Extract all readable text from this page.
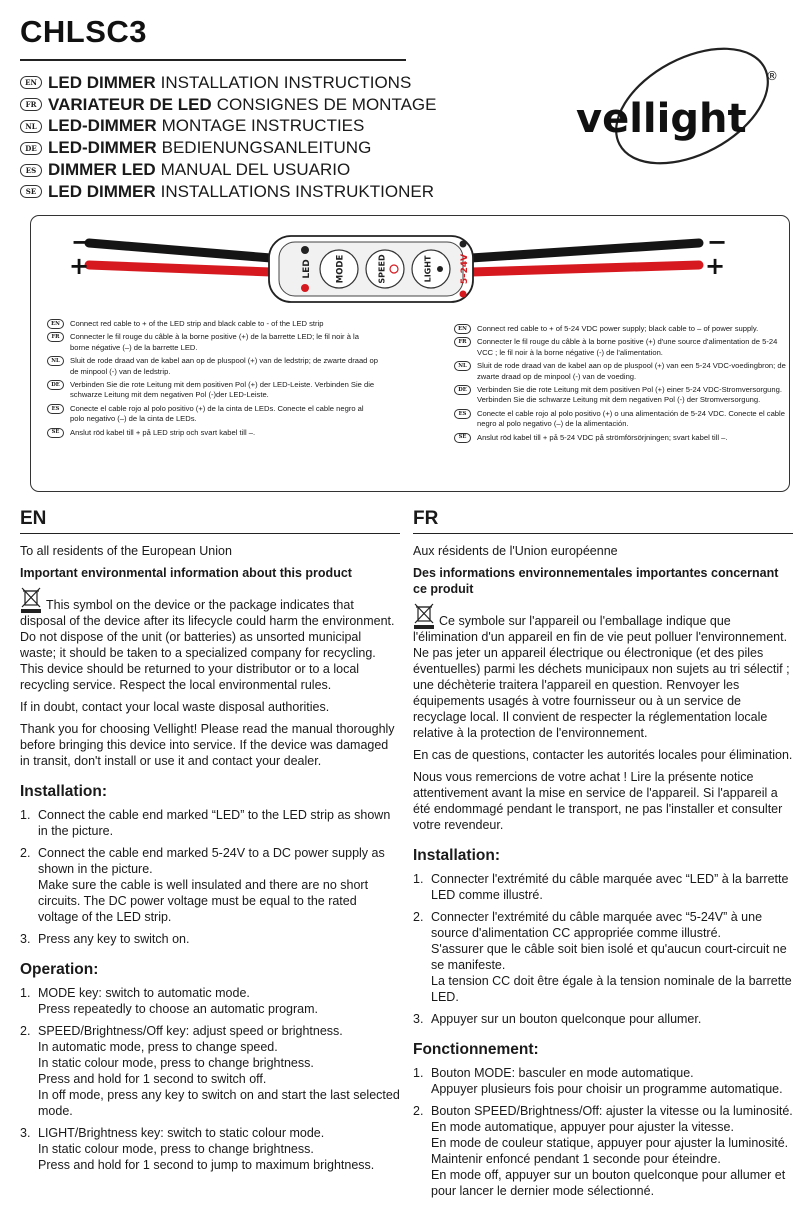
CHLSC3
EN LED DIMMER INSTALLATION INSTRUCTIONS
FR VARIATEUR DE LED CONSIGNES DE MONTAGE
NL LED-DIMMER MONTAGE INSTRUCTIES
DE LED-DIMMER BEDIENUNGSANLEITUNG
ES DIMMER LED MANUAL DEL USUARIO
SE LED DIMMER INSTALLATIONS INSTRUKTIONER
vellight
®
LED	MODE	SPEED	LIGHT	5–24V
−
+
−
+
EN	Connect red cable to + of the LED strip and black cable to - of the LED strip
FR	Connecter le fil rouge du câble à la borne positive (+) de la barrette LED; le fil noir à la borne négative (–) de la barrette LED.
NL	Sluit de rode draad van de kabel aan op de pluspool (+) van de ledstrip; de zwarte draad op de minpool (-) van de ledstrip.
DE	Verbinden Sie die rote Leitung mit dem positiven Pol (+) der LED-Leiste. Verbinden Sie die schwarze Leitung mit dem negativen Pol (-)der LED-Leiste.
ES	Conecte el cable rojo al polo positivo (+) de la cinta de LEDs. Conecte el cable negro al polo negativo (–) de la cinta de LEDs.
SE	Anslut röd kabel till + på LED strip och svart kabel till –.
EN	Connect red cable to + of 5-24 VDC power supply; black cable to – of power supply.
FR	Connecter le fil rouge du câble à la borne positive (+) d'une source d'alimentation de 5-24 VCC ; le fil noir à la borne négative (-) de l'alimentation.
NL	Sluit de rode draad van de kabel aan op de pluspool (+) van een 5-24 VDC-voedingbron; de zwarte draad op de minpool (-) van de voeding.
DE	Verbinden Sie die rote Leitung mit dem positiven Pol (+) einer 5-24 VDC-Stromversorgung. Verbinden Sie die schwarze Leitung mit dem negativen Pol (-) der Stromversorgung.
ES	Conecte el cable rojo al polo positivo (+) o una alimentación de 5-24 VDC. Conecte el cable negro al polo negativo (–) de la alimentación.
SE	Anslut röd kabel till + på 5-24 VDC på strömförsörjningen; svart kabel till –.
EN
To all residents of the European Union
Important environmental information about this product
This symbol on the device or the package indicates that disposal of the device after its lifecycle could harm the environment. Do not dispose of the unit (or batteries) as unsorted municipal waste; it should be taken to a specialized company for recycling. This device should be returned to your distributor or to a local recycling service. Respect the local environmental rules.
If in doubt, contact your local waste disposal authorities.
Thank you for choosing Vellight! Please read the manual thoroughly before bringing this device into service. If the device was damaged in transit, don't install or use it and contact your dealer.
Installation:
1. Connect the cable end marked “LED” to the LED strip as shown in the picture.
2. Connect the cable end marked 5-24V to a DC power supply as shown in the picture.
Make sure the cable is well insulated and there are no short circuits. The DC power voltage must be equal to the rated voltage of the LED strip.
3. Press any key to switch on.
Operation:
1. MODE key: switch to automatic mode.
Press repeatedly to choose an automatic program.
2. SPEED/Brightness/Off key: adjust speed or brightness.
In automatic mode, press to change speed.
In static colour mode, press to change brightness.
Press and hold for 1 second to switch off.
In off mode, press any key to switch on and start the last selected mode.
3. LIGHT/Brightness key: switch to static colour mode.
In static colour mode, press to change brightness.
Press and hold for 1 second to jump to maximum brightness.
FR
Aux résidents de l'Union européenne
Des informations environnementales importantes concernant ce produit
Ce symbole sur l'appareil ou l'emballage indique que l'élimination d'un appareil en fin de vie peut polluer l'environnement. Ne pas jeter un appareil électrique ou électronique (et des piles éventuelles) parmi les déchets municipaux non sujets au tri sélectif ; une déchèterie traitera l'appareil en question. Renvoyer les équipements usagés à votre fournisseur ou à un service de recyclage local. Il convient de respecter la réglementation locale relative à la protection de l'environnement.
En cas de questions, contacter les autorités locales pour élimination.
Nous vous remercions de votre achat ! Lire la présente notice attentivement avant la mise en service de l'appareil. Si l'appareil a été endommagé pendant le transport, ne pas l'installer et consulter votre revendeur.
Installation:
1. Connecter l'extrémité du câble marquée avec “LED” à la barrette LED comme illustré.
2. Connecter l'extrémité du câble marquée avec “5-24V” à une source d'alimentation CC appropriée comme illustré.
S'assurer que le câble soit bien isolé et qu'aucun court-circuit ne se manifeste.
La tension CC doit être égale à la tension nominale de la barrette LED.
3. Appuyer sur un bouton quelconque pour allumer.
Fonctionnement:
1. Bouton MODE: basculer en mode automatique.
Appuyer plusieurs fois pour choisir un programme automatique.
2. Bouton SPEED/Brightness/Off: ajuster la vitesse ou la luminosité.
En mode automatique, appuyer pour ajuster la vitesse.
En mode de couleur statique, appuyer pour ajuster la luminosité.
Maintenir enfoncé pendant 1 seconde pour éteindre.
En mode off, appuyer sur un bouton quelconque pour allumer et pour lancer le dernier mode sélectionné.
